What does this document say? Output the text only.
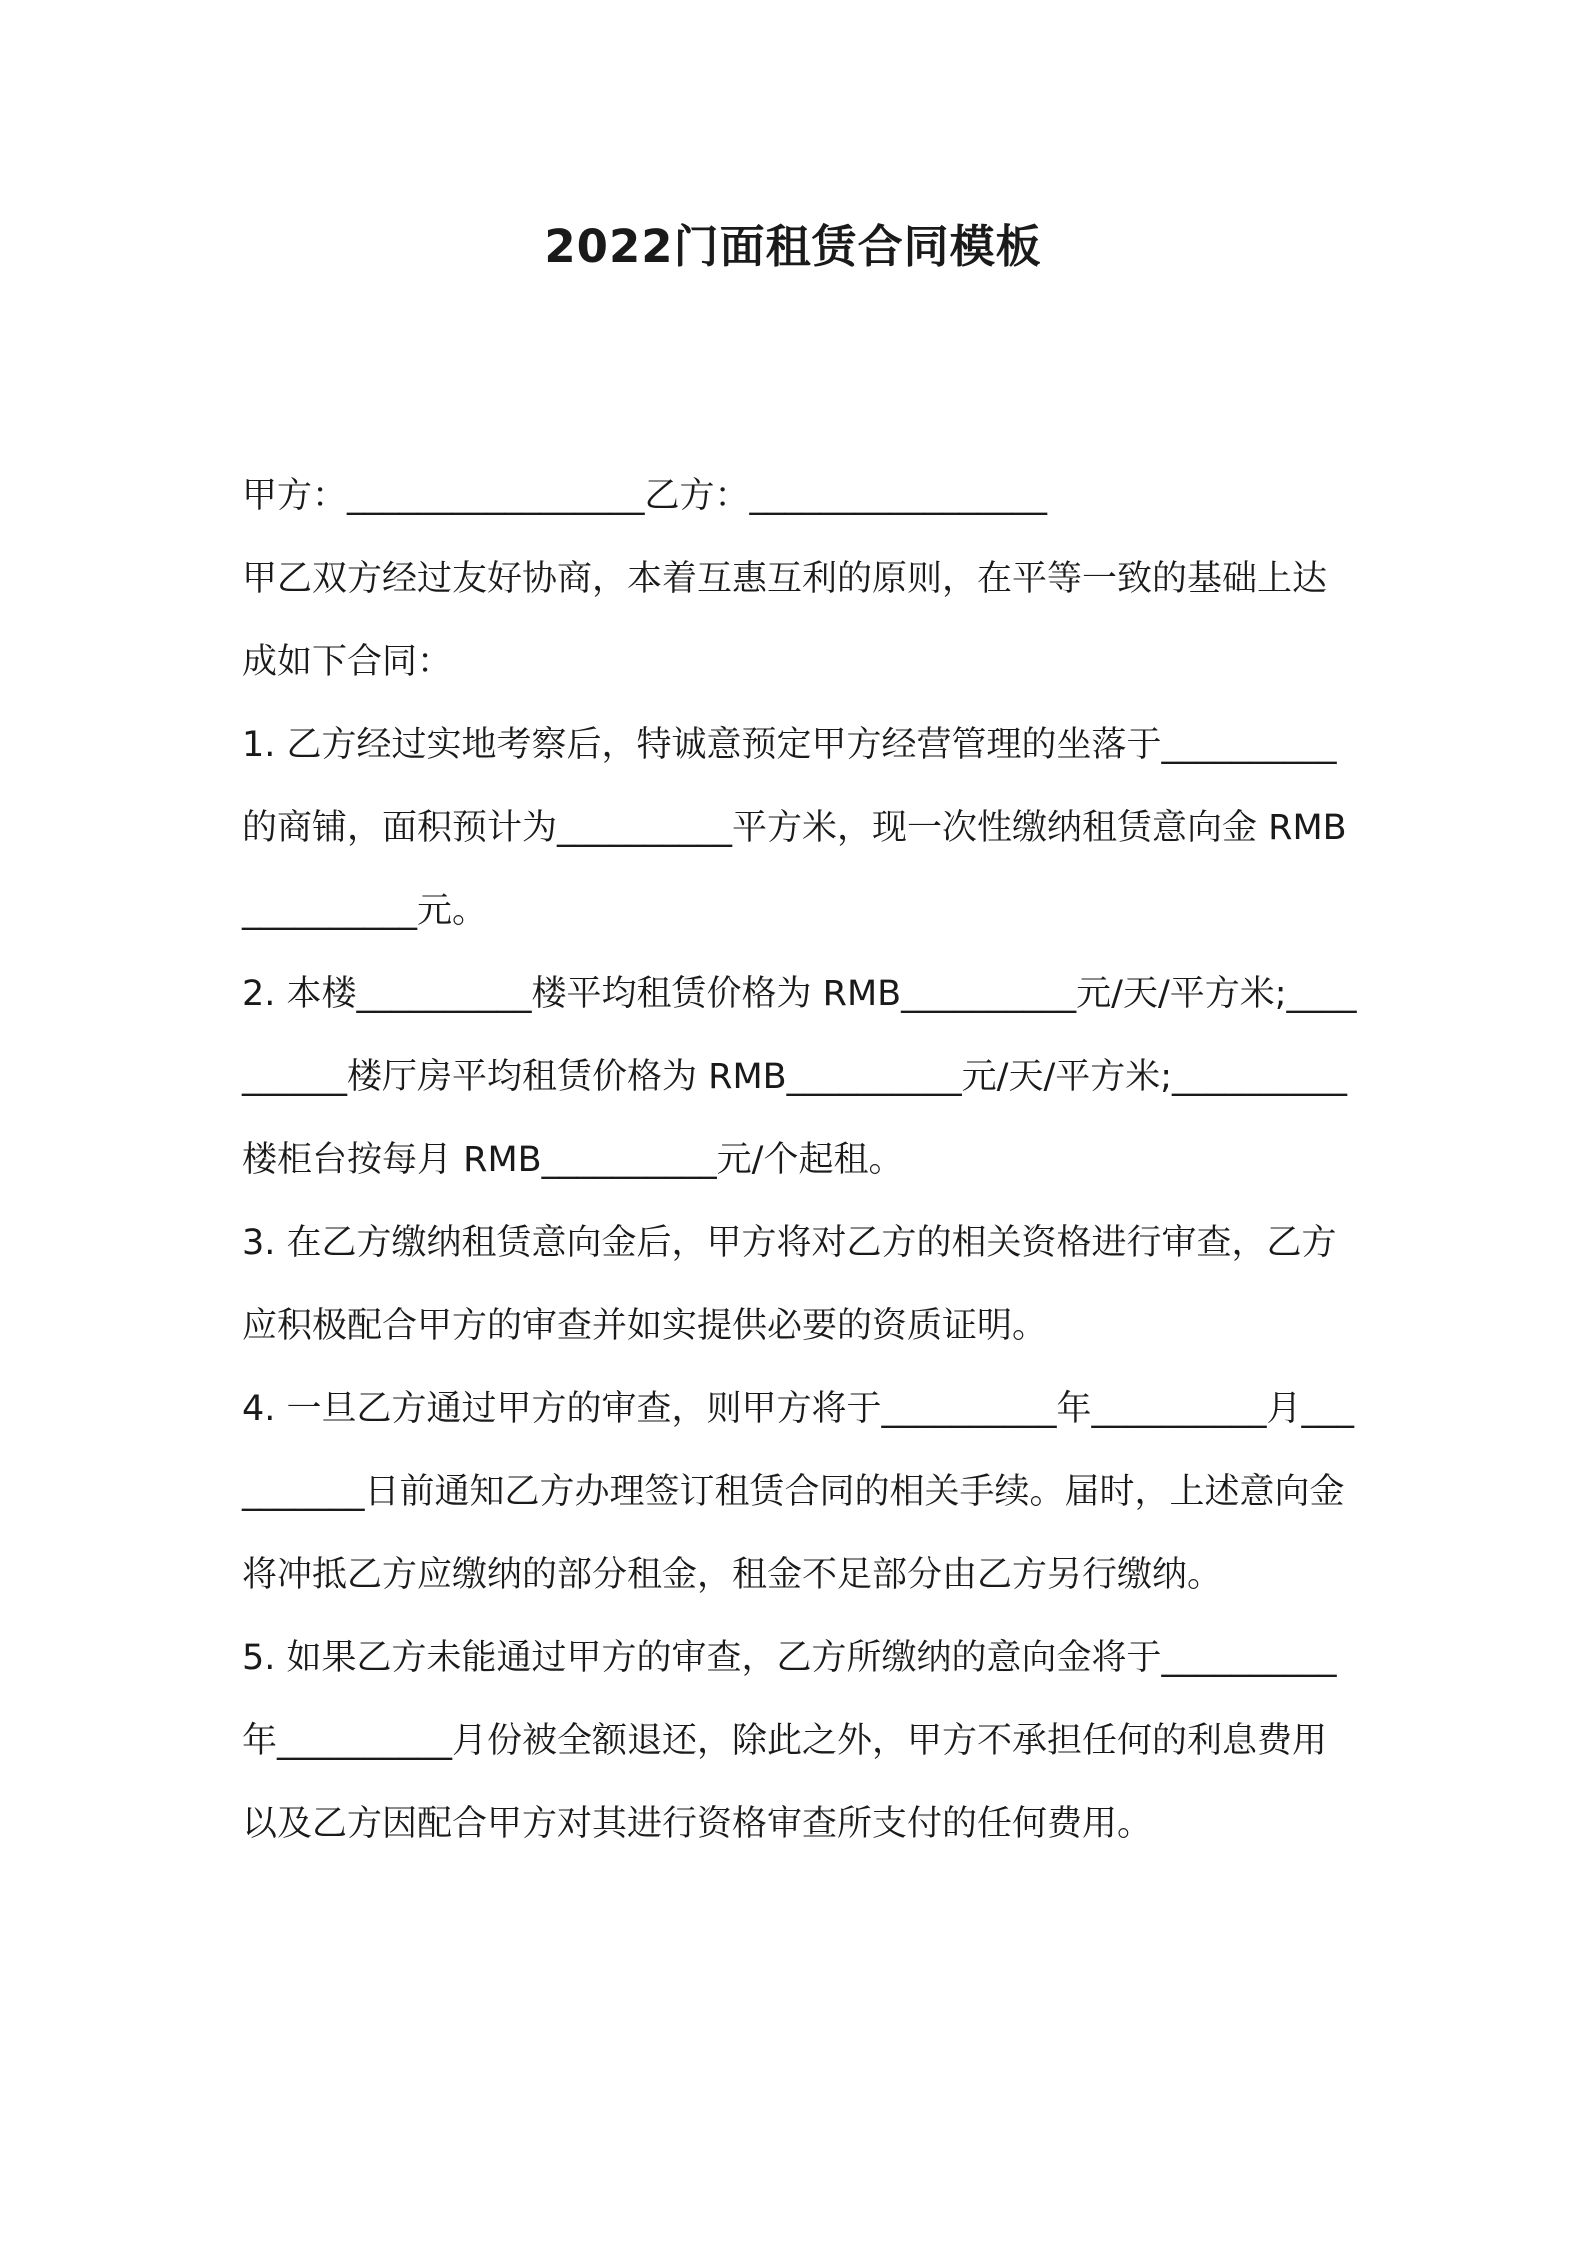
2022门面租赁合同模板

甲方：_________________乙方：_________________

甲乙双方经过友好协商，本着互惠互利的原则，在平等一致的基础上达成如下合同：

1. 乙方经过实地考察后，特诚意预定甲方经营管理的坐落于__________的商铺，面积预计为__________平方米，现一次性缴纳租赁意向金 RMB__________元。

2. 本楼__________楼平均租赁价格为 RMB__________元/天/平方米;__________楼厅房平均租赁价格为 RMB__________元/天/平方米;__________楼柜台按每月 RMB__________元/个起租。

3. 在乙方缴纳租赁意向金后，甲方将对乙方的相关资格进行审查，乙方应积极配合甲方的审查并如实提供必要的资质证明。

4. 一旦乙方通过甲方的审查，则甲方将于__________年__________月__________日前通知乙方办理签订租赁合同的相关手续。届时，上述意向金将冲抵乙方应缴纳的部分租金，租金不足部分由乙方另行缴纳。

5. 如果乙方未能通过甲方的审查，乙方所缴纳的意向金将于__________年__________月份被全额退还，除此之外，甲方不承担任何的利息费用以及乙方因配合甲方对其进行资格审查所支付的任何费用。
